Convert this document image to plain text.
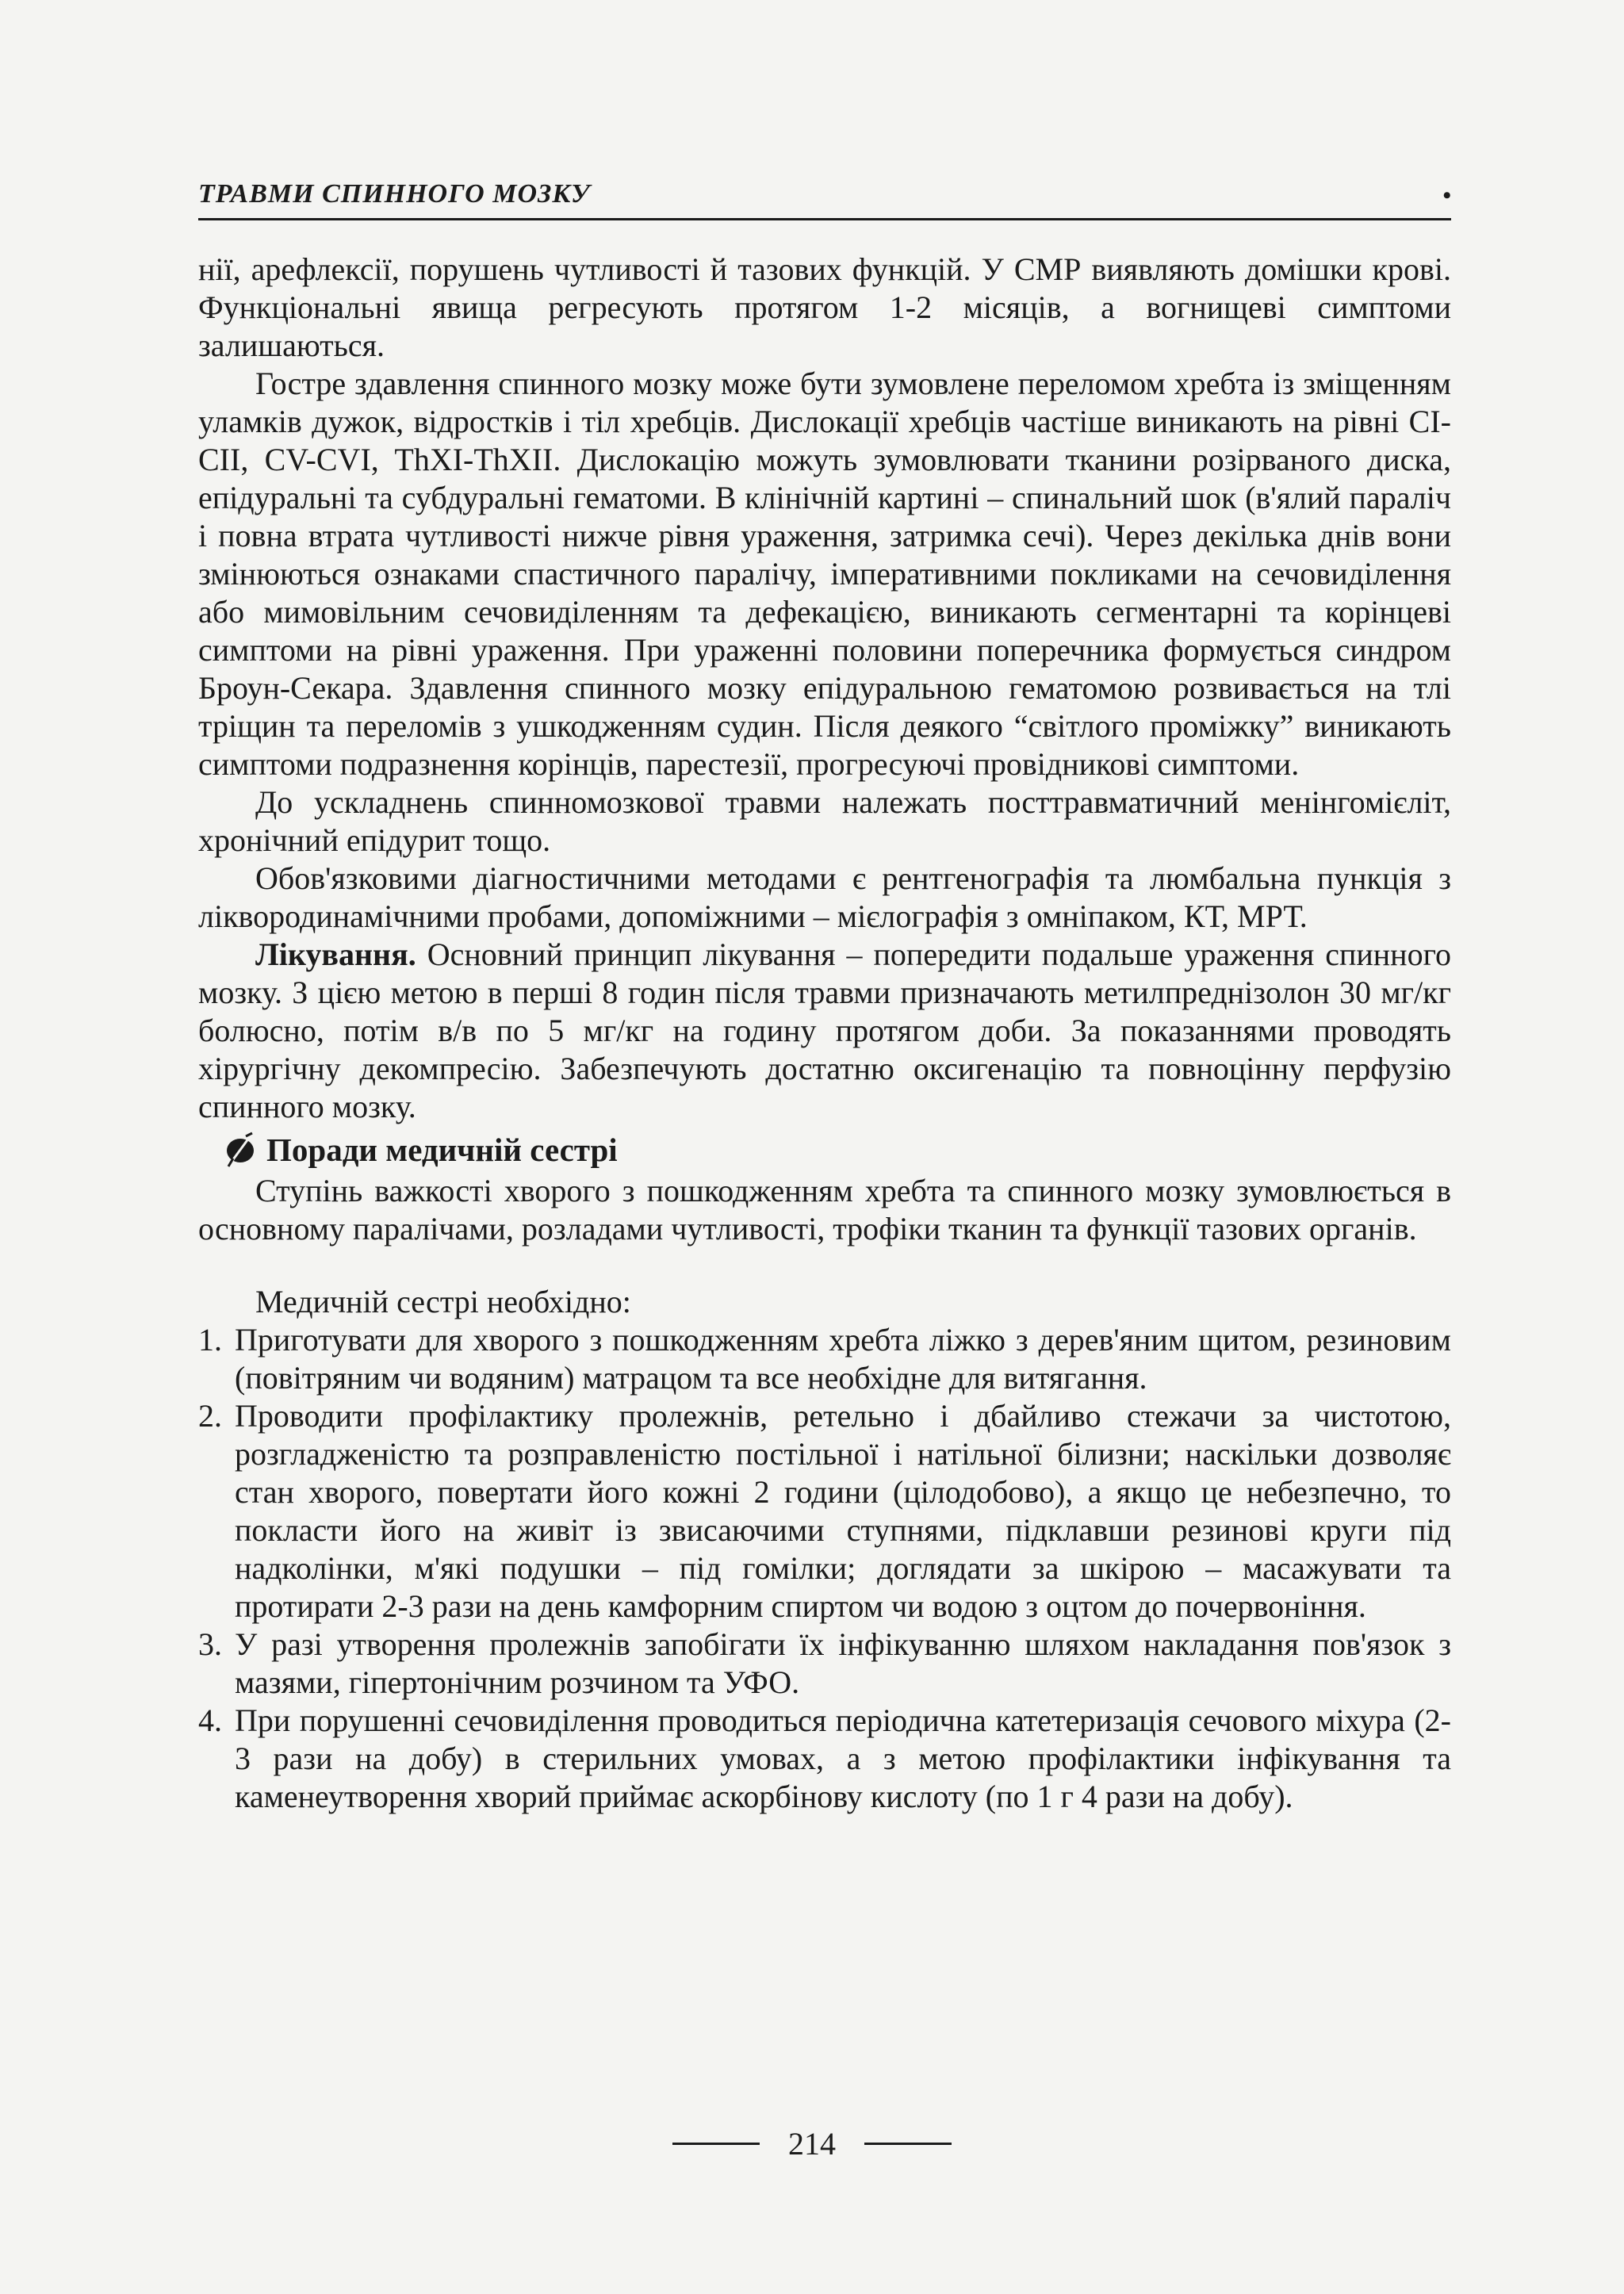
ТРАВМИ СПИННОГО МОЗКУ	•

нії, арефлексії, порушень чутливості й тазових функцій. У СМР виявляють домішки крові. Функціональні явища регресують протягом 1-2 місяців, а вогнищеві симптоми залишаються.

Гостре здавлення спинного мозку може бути зумовлене переломом хребта із зміщенням уламків дужок, відростків і тіл хребців. Дислокації хребців частіше виникають на рівні CI-CII, CV-CVI, ThXI-ThXII. Дислокацію можуть зумовлювати тканини розірваного диска, епідуральні та субдуральні гематоми. В клінічній картині – спинальний шок (в'ялий параліч і повна втрата чутливості нижче рівня ураження, затримка сечі). Через декілька днів вони змінюються ознаками спастичного паралічу, імперативними покликами на сечовиділення або мимовільним сечовиділенням та дефекацією, виникають сегментарні та корінцеві симптоми на рівні ураження. При ураженні половини поперечника формується синдром Броун-Секара. Здавлення спинного мозку епідуральною гематомою розвивається на тлі тріщин та переломів з ушкодженням судин. Після деякого “світлого проміжку” виникають симптоми подразнення корінців, парестезії, прогресуючі провідникові симптоми.

До ускладнень спинномозкової травми належать посттравматичний менінгомієліт, хронічний епідурит тощо.

Обов'язковими діагностичними методами є рентгенографія та люмбальна пункція з ліквородинамічними пробами, допоміжними – мієлографія з омніпаком, КТ, МРТ.

Лікування. Основний принцип лікування – попередити подальше ураження спинного мозку. З цією метою в перші 8 годин після травми призначають метилпреднізолон 30 мг/кг болюсно, потім в/в по 5 мг/кг на годину протягом доби. За показаннями проводять хірургічну декомпресію. Забезпечують достатню оксигенацію та повноцінну перфузію спинного мозку.

Поради медичній сестрі

Ступінь важкості хворого з пошкодженням хребта та спинного мозку зумовлюється в основному паралічами, розладами чутливості, трофіки тканин та функції тазових органів.

Медичній сестрі необхідно:

1. Приготувати для хворого з пошкодженням хребта ліжко з дерев'яним щитом, резиновим (повітряним чи водяним) матрацом та все необхідне для витягання.
2. Проводити профілактику пролежнів, ретельно і дбайливо стежачи за чистотою, розгладженістю та розправленістю постільної і натільної білизни; наскільки дозволяє стан хворого, повертати його кожні 2 години (цілодобово), а якщо це небезпечно, то покласти його на живіт із звисаючими ступнями, підклавши резинові круги під надколінки, м'які подушки – під гомілки; доглядати за шкірою – масажувати та протирати 2-3 рази на день камфорним спиртом чи водою з оцтом до почервоніння.
3. У разі утворення пролежнів запобігати їх інфікуванню шляхом накладання пов'язок з мазями, гіпертонічним розчином та УФО.
4. При порушенні сечовиділення проводиться періодична катетеризація сечового міхура (2-3 рази на добу) в стерильних умовах, а з метою профілактики інфікування та каменеутворення хворий приймає аскорбінову кислоту (по 1 г 4 рази на добу).
214
